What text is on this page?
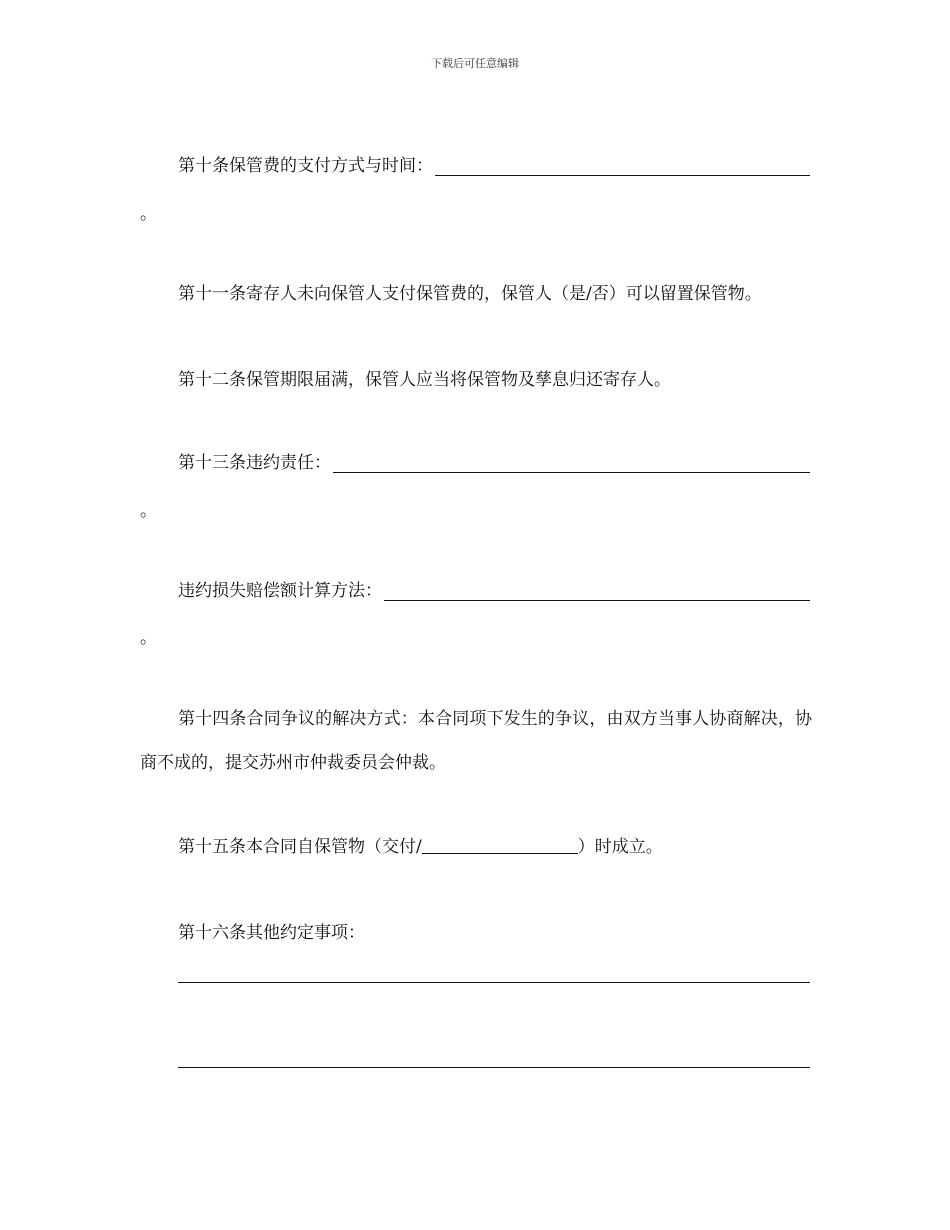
下载后可任意编辑
第十条保管费的支付方式与时间：
。
第十一条寄存人未向保管人支付保管费的，保管人（是/否）可以留置保管物。
第十二条保管期限届满，保管人应当将保管物及孳息归还寄存人。
第十三条违约责任：
。
违约损失赔偿额计算方法：
。
第十四条合同争议的解决方式：本合同项下发生的争议，由双方当事人协商解决，协商不成的，提交苏州市仲裁委员会仲裁。
第十五条本合同自保管物（交付/	）时成立。
第十六条其他约定事项：
